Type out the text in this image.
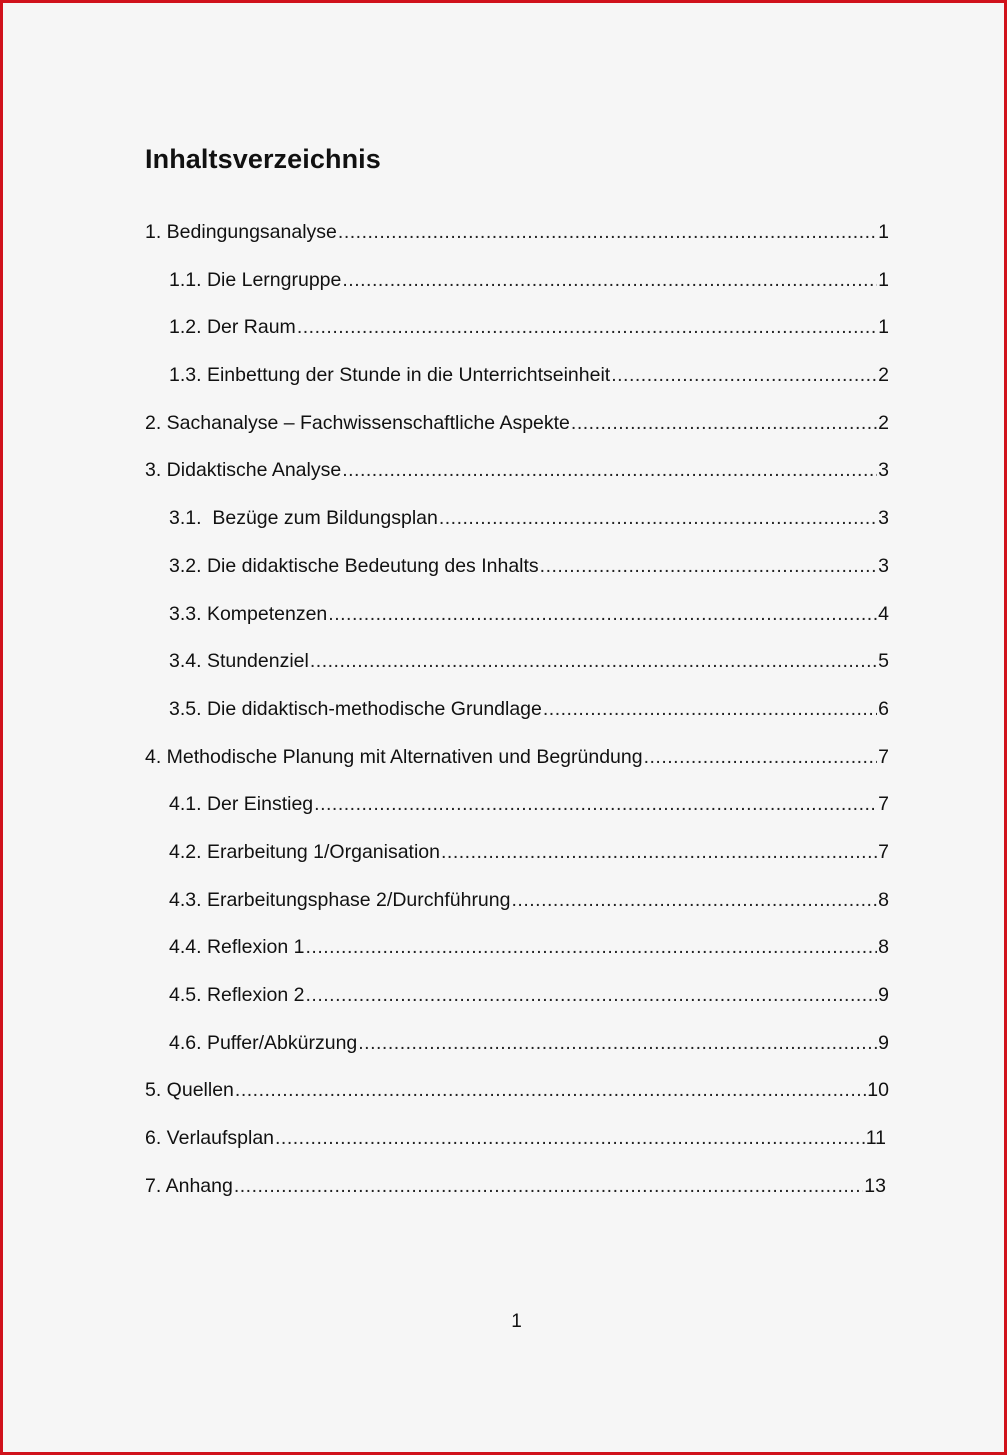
Inhaltsverzeichnis
1. Bedingungsanalyse .....	1
1.1. Die Lerngruppe .....	1
1.2. Der Raum .....	1
1.3. Einbettung der Stunde in die Unterrichtseinheit .....	2
2. Sachanalyse – Fachwissenschaftliche Aspekte .....	2
3. Didaktische Analyse .....	3
3.1.  Bezüge zum Bildungsplan .....	3
3.2. Die didaktische Bedeutung des Inhalts .....	3
3.3. Kompetenzen .....	4
3.4. Stundenziel .....	5
3.5. Die didaktisch-methodische Grundlage .....	6
4. Methodische Planung mit Alternativen und Begründung .....	7
4.1. Der Einstieg .....	7
4.2. Erarbeitung 1/Organisation .....	7
4.3. Erarbeitungsphase 2/Durchführung .....	8
4.4. Reflexion 1 .....	8
4.5. Reflexion 2 .....	9
4.6. Puffer/Abkürzung .....	9
5. Quellen .....	10
6. Verlaufsplan .....	11
7. Anhang .....	13
1
